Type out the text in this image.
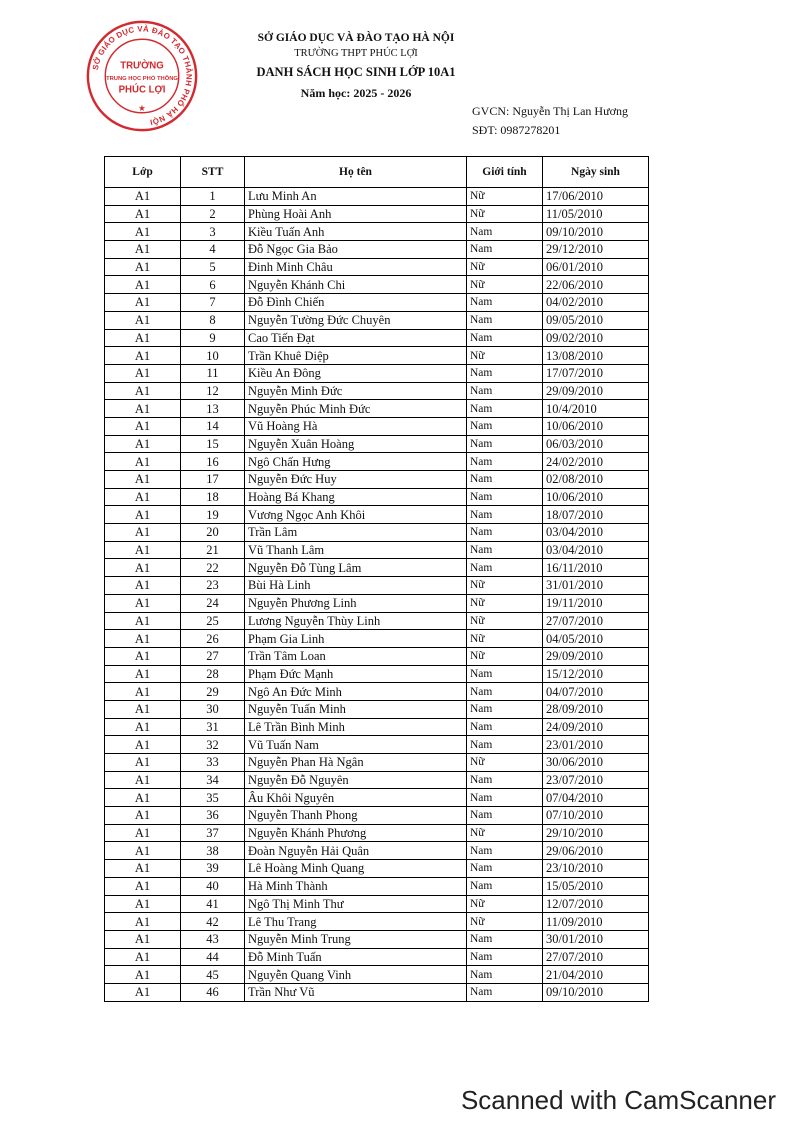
SỞ GIÁO DỤC VÀ ĐÀO TẠO THÀNH PHỐ HÀ NỘI
TRƯỜNG
TRUNG HỌC PHỔ THÔNG
PHÚC LỢI
★
SỞ GIÁO DỤC VÀ ĐÀO TẠO HÀ NỘI
TRƯỜNG THPT PHÚC LỢI
DANH SÁCH HỌC SINH LỚP 10A1
Năm học: 2025 - 2026
GVCN: Nguyễn Thị Lan Hương
SĐT: 0987278201
Lớp	STT	Họ tên	Giới tính	Ngày sinh
A1	1	Lưu Minh An	Nữ	17/06/2010
A1	2	Phùng Hoài Anh	Nữ	11/05/2010
A1	3	Kiều Tuấn Anh	Nam	09/10/2010
A1	4	Đỗ Ngọc Gia Bảo	Nam	29/12/2010
A1	5	Đinh Minh Châu	Nữ	06/01/2010
A1	6	Nguyễn Khánh Chi	Nữ	22/06/2010
A1	7	Đỗ Đình Chiến	Nam	04/02/2010
A1	8	Nguyễn Tường Đức Chuyên	Nam	09/05/2010
A1	9	Cao Tiến Đạt	Nam	09/02/2010
A1	10	Trần Khuê Diệp	Nữ	13/08/2010
A1	11	Kiều An Đông	Nam	17/07/2010
A1	12	Nguyễn Minh Đức	Nam	29/09/2010
A1	13	Nguyễn Phúc Minh Đức	Nam	10/4/2010
A1	14	Vũ Hoàng Hà	Nam	10/06/2010
A1	15	Nguyễn Xuân Hoàng	Nam	06/03/2010
A1	16	Ngô Chấn Hưng	Nam	24/02/2010
A1	17	Nguyễn Đức Huy	Nam	02/08/2010
A1	18	Hoàng Bá Khang	Nam	10/06/2010
A1	19	Vương Ngọc Anh Khôi	Nam	18/07/2010
A1	20	Trần Lâm	Nam	03/04/2010
A1	21	Vũ Thanh Lâm	Nam	03/04/2010
A1	22	Nguyễn Đỗ Tùng Lâm	Nam	16/11/2010
A1	23	Bùi Hà Linh	Nữ	31/01/2010
A1	24	Nguyễn Phương Linh	Nữ	19/11/2010
A1	25	Lương Nguyễn Thùy Linh	Nữ	27/07/2010
A1	26	Phạm Gia Linh	Nữ	04/05/2010
A1	27	Trần Tâm Loan	Nữ	29/09/2010
A1	28	Phạm Đức Mạnh	Nam	15/12/2010
A1	29	Ngô An Đức Minh	Nam	04/07/2010
A1	30	Nguyễn Tuấn Minh	Nam	28/09/2010
A1	31	Lê Trần Bình Minh	Nam	24/09/2010
A1	32	Vũ Tuấn Nam	Nam	23/01/2010
A1	33	Nguyễn Phan Hà Ngân	Nữ	30/06/2010
A1	34	Nguyễn Đỗ Nguyên	Nam	23/07/2010
A1	35	Âu Khôi Nguyên	Nam	07/04/2010
A1	36	Nguyễn Thanh Phong	Nam	07/10/2010
A1	37	Nguyễn Khánh Phương	Nữ	29/10/2010
A1	38	Đoàn Nguyễn Hải Quân	Nam	29/06/2010
A1	39	Lê Hoàng Minh Quang	Nam	23/10/2010
A1	40	Hà Minh Thành	Nam	15/05/2010
A1	41	Ngô Thị Minh Thư	Nữ	12/07/2010
A1	42	Lê Thu Trang	Nữ	11/09/2010
A1	43	Nguyễn Minh Trung	Nam	30/01/2010
A1	44	Đỗ Minh Tuấn	Nam	27/07/2010
A1	45	Nguyễn Quang Vinh	Nam	21/04/2010
A1	46	Trần Như Vũ	Nam	09/10/2010
Scanned with CamScanner
